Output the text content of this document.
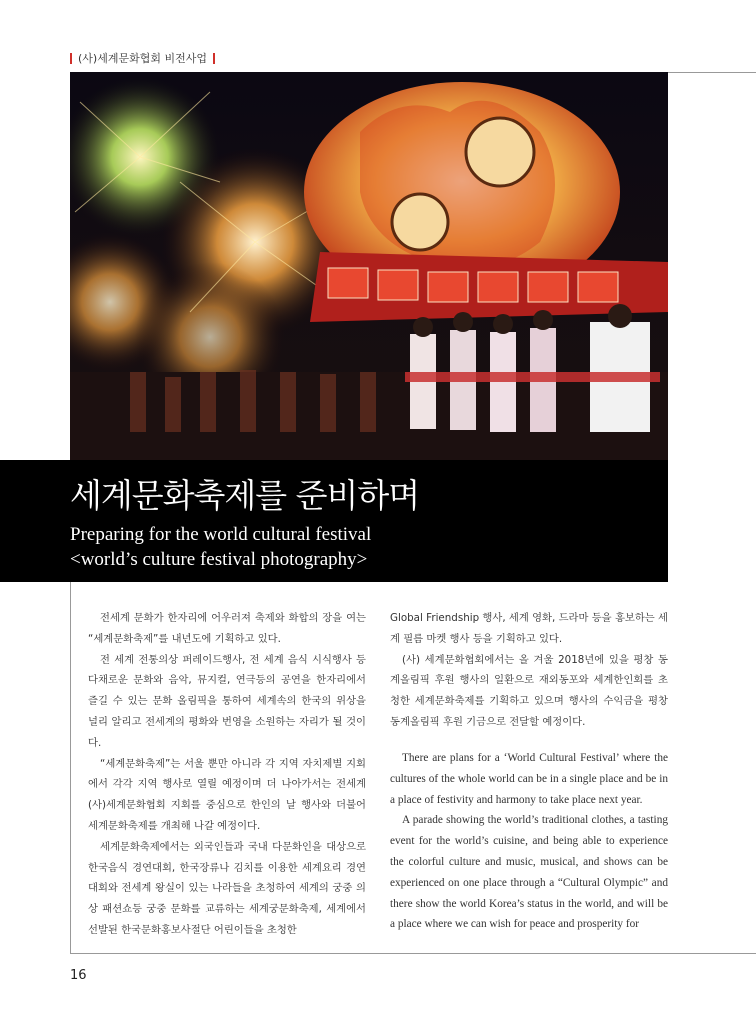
(사)세계문화협회 비전사업
세계문화축제를 준비하며
Preparing for the world cultural festival
<world’s culture festival photography>

전세계 문화가 한자리에 어우러져 축제와 화합의 장을 여는 “세계문화축제”를 내년도에 기획하고 있다.

전 세계 전통의상 퍼레이드행사, 전 세계 음식 시식행사 등 다채로운 문화와 음악, 뮤지컬, 연극등의 공연을 한자리에서 즐길 수 있는 문화 올림픽을 통하여 세계속의 한국의 위상을 널리 알리고 전세계의 평화와 번영을 소원하는 자리가 될 것이다.

“세계문화축제”는 서울 뿐만 아니라 각 지역 자치제별 지회에서 각각 지역 행사로 열릴 예정이며 더 나아가서는 전세계 (사)세계문화협회 지회를 중심으로 한인의 날 행사와 더불어 세계문화축제를 개최해 나갈 예정이다.

세계문화축제에서는 외국인들과 국내 다문화인을 대상으로 한국음식 경연대회, 한국장류나 김치를 이용한 세계요리 경연대회와 전세계 왕실이 있는 나라들을 초청하여 세계의 궁중 의상 패션쇼등 궁중 문화를 교류하는 세계궁문화축제, 세계에서 선발된 한국문화홍보사절단 어린이들을 초청한

Global Friendship 행사, 세계 영화, 드라마 등을 홍보하는 세계 필름 마켓 행사 등을 기획하고 있다.

(사) 세계문화협회에서는 올 겨울 2018년에 있을 평창 동계올림픽 후원 행사의 일환으로 재외동포와 세계한인회를 초청한 세계문화축제를 기획하고 있으며 행사의 수익금을 평창동계올림픽 후원 기금으로 전달할 예정이다.

There are plans for a ‘World Cultural Festival’ where the cultures of the whole world can be in a single place and be in a place of festivity and harmony to take place next year.

A parade showing the world’s traditional clothes, a tasting event for the world’s cuisine, and being able to experience the colorful culture and music, musical, and shows can be experienced on one place through a “Cultural Olympic” and there show the world Korea’s status in the world, and will be a place where we can wish for peace and prosperity for

16
